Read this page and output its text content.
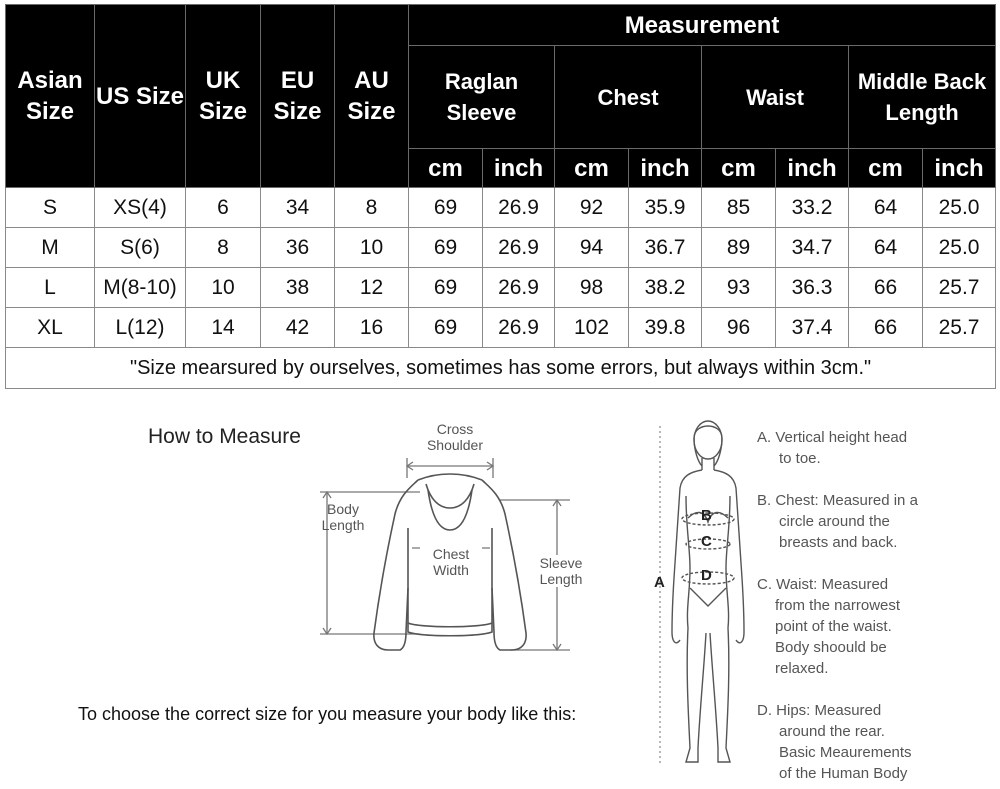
Asian Size	US Size	UK Size	EU Size	AU Size	Measurement							
					Raglan Sleeve		Chest		Waist		Middle Back Length	
					cm	inch	cm	inch	cm	inch	cm	inch
S	XS(4)	6	34	8	69	26.9	92	35.9	85	33.2	64	25.0
M	S(6)	8	36	10	69	26.9	94	36.7	89	34.7	64	25.0
L	M(8-10)	10	38	12	69	26.9	98	38.2	93	36.3	66	25.7
XL	L(12)	14	42	16	69	26.9	102	39.8	96	37.4	66	25.7
"Size mearsured by ourselves, sometimes has some errors, but always within 3cm."												
How to Measure	Cross Shoulder
Body Length
Chest Width	Sleeve Length
To choose the correct size for you measure your body like this:
A
B
C
D
A. Vertical height head
to toe.
B. Chest: Measured in a
circle around the
breasts and back.
C. Waist: Measured
from the narrowest
point of the waist.
Body shoould be
relaxed.
D. Hips: Measured
around the rear.
Basic Meaurements
of the Human Body
